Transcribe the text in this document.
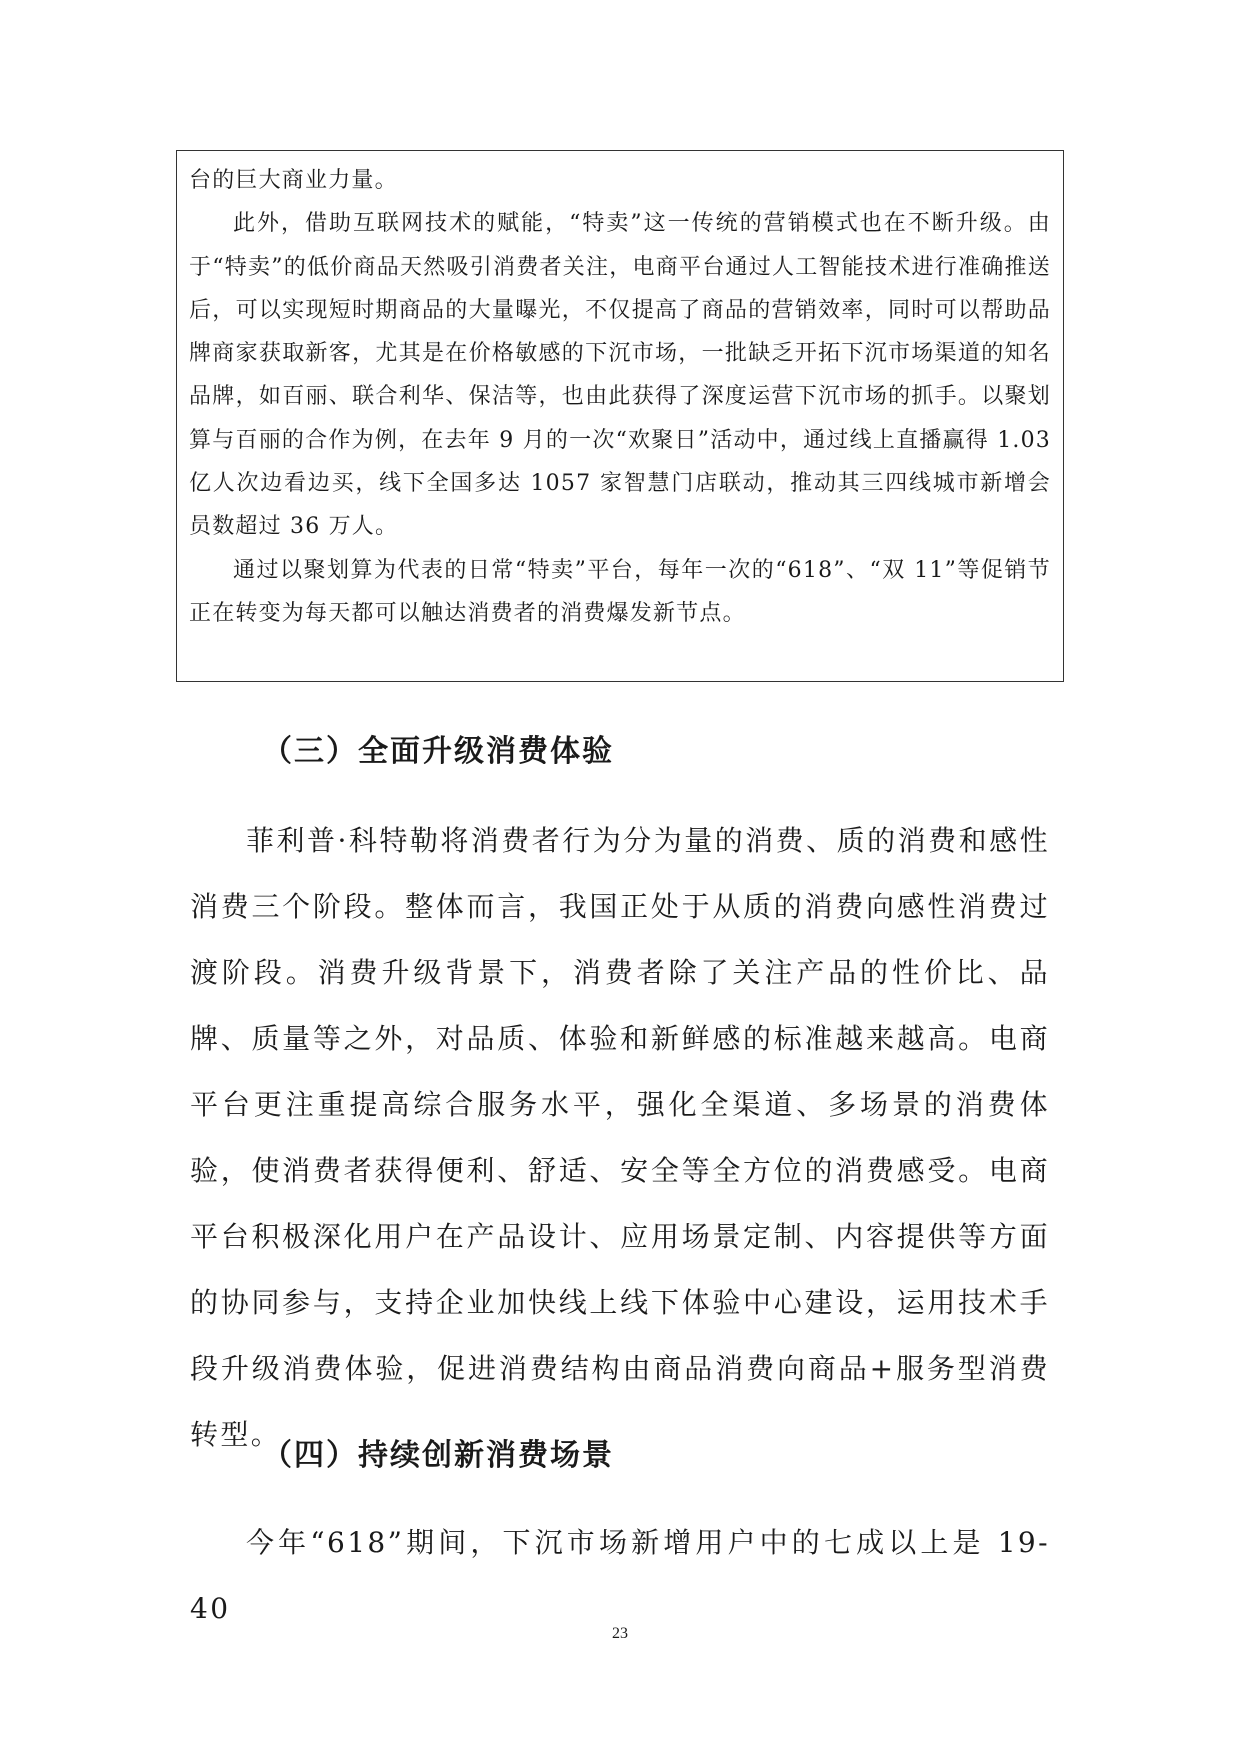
台的巨大商业力量。

此外，借助互联网技术的赋能，“特卖”这一传统的营销模式也在不断升级。由于“特卖”的低价商品天然吸引消费者关注，电商平台通过人工智能技术进行准确推送后，可以实现短时期商品的大量曝光，不仅提高了商品的营销效率，同时可以帮助品牌商家获取新客，尤其是在价格敏感的下沉市场，一批缺乏开拓下沉市场渠道的知名品牌，如百丽、联合利华、保洁等，也由此获得了深度运营下沉市场的抓手。以聚划算与百丽的合作为例，在去年 9 月的一次“欢聚日”活动中，通过线上直播赢得 1.03 亿人次边看边买，线下全国多达 1057 家智慧门店联动，推动其三四线城市新增会员数超过 36 万人。

通过以聚划算为代表的日常“特卖”平台，每年一次的“618”、“双 11”等促销节正在转变为每天都可以触达消费者的消费爆发新节点。

（三）全面升级消费体验

菲利普·科特勒将消费者行为分为量的消费、质的消费和感性消费三个阶段。整体而言，我国正处于从质的消费向感性消费过渡阶段。消费升级背景下，消费者除了关注产品的性价比、品牌、质量等之外，对品质、体验和新鲜感的标准越来越高。电商平台更注重提高综合服务水平，强化全渠道、多场景的消费体验，使消费者获得便利、舒适、安全等全方位的消费感受。电商平台积极深化用户在产品设计、应用场景定制、内容提供等方面的协同参与，支持企业加快线上线下体验中心建设，运用技术手段升级消费体验，促进消费结构由商品消费向商品+服务型消费转型。

（四）持续创新消费场景

今年“618”期间，下沉市场新增用户中的七成以上是 19-40

23
